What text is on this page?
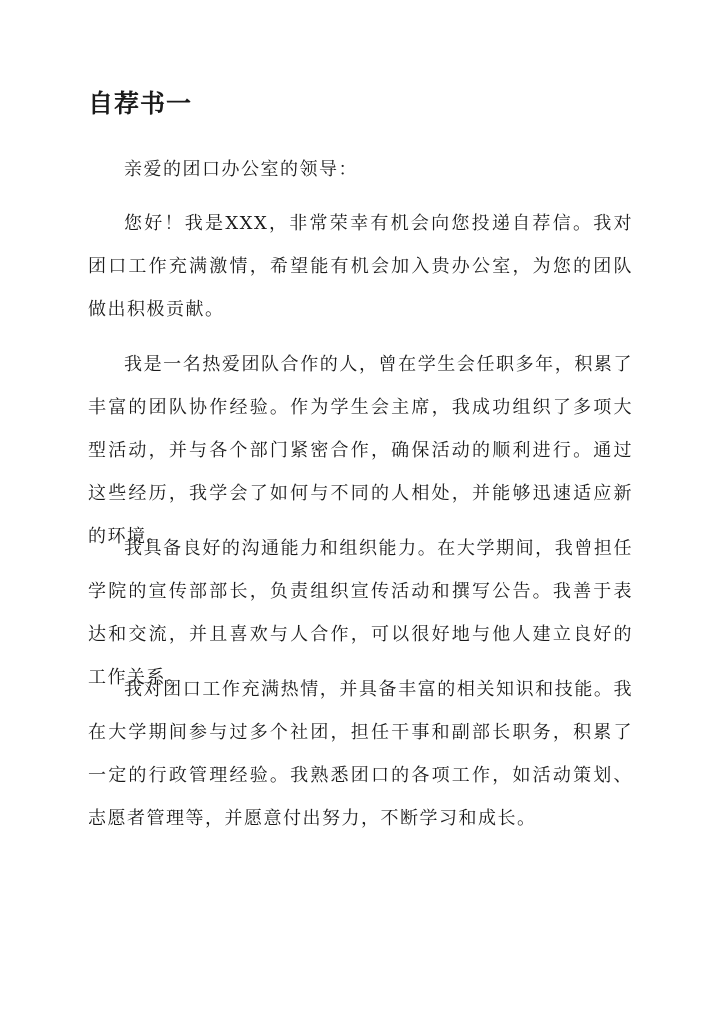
自荐书一

亲爱的团口办公室的领导：

您好！我是XXX，非常荣幸有机会向您投递自荐信。我对团口工作充满激情，希望能有机会加入贵办公室，为您的团队做出积极贡献。

我是一名热爱团队合作的人，曾在学生会任职多年，积累了丰富的团队协作经验。作为学生会主席，我成功组织了多项大型活动，并与各个部门紧密合作，确保活动的顺利进行。通过这些经历，我学会了如何与不同的人相处，并能够迅速适应新的环境。

我具备良好的沟通能力和组织能力。在大学期间，我曾担任学院的宣传部部长，负责组织宣传活动和撰写公告。我善于表达和交流，并且喜欢与人合作，可以很好地与他人建立良好的工作关系。

我对团口工作充满热情，并具备丰富的相关知识和技能。我在大学期间参与过多个社团，担任干事和副部长职务，积累了一定的行政管理经验。我熟悉团口的各项工作，如活动策划、志愿者管理等，并愿意付出努力，不断学习和成长。
